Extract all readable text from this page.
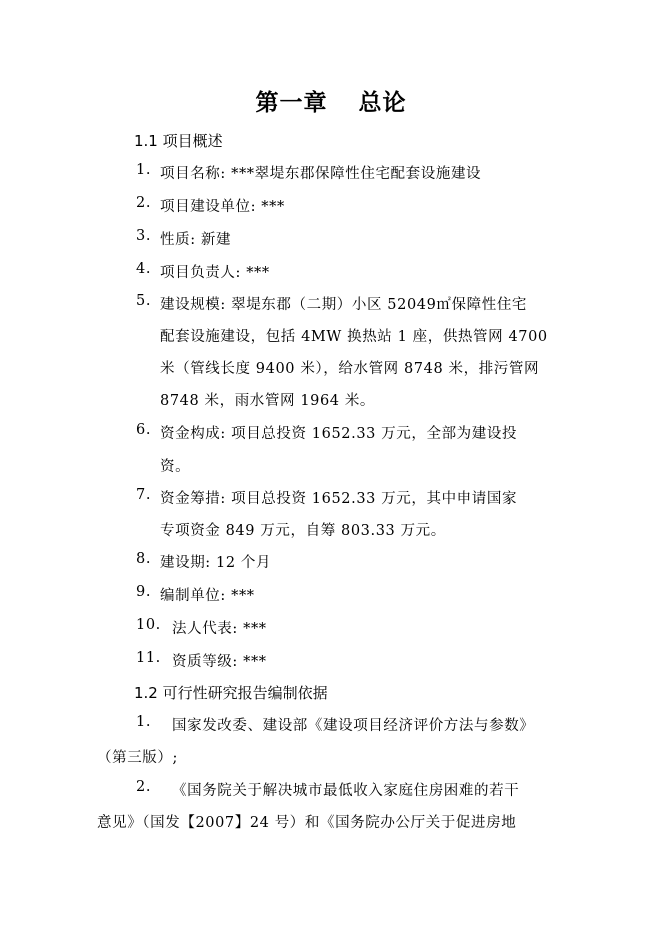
第一章 总论
1.1 项目概述
1. 项目名称: ***翠堤东郡保障性住宅配套设施建设
2. 项目建设单位: ***
3. 性质: 新建
4. 项目负责人: ***
5. 建设规模: 翠堤东郡（二期）小区 52049㎡保障性住宅
配套设施建设，包括 4MW 换热站 1 座，供热管网 4700
米（管线长度 9400 米），给水管网 8748 米，排污管网
8748 米，雨水管网 1964 米。
6. 资金构成: 项目总投资 1652.33 万元，全部为建设投
资。
7. 资金筹措: 项目总投资 1652.33 万元，其中申请国家
专项资金 849 万元，自筹 803.33 万元。
8. 建设期: 12 个月
9. 编制单位: ***
10. 法人代表: ***
11. 资质等级: ***
1.2 可行性研究报告编制依据
1. 国家发改委、建设部《建设项目经济评价方法与参数》
（第三版）;
2. 《国务院关于解决城市最低收入家庭住房困难的若干
意见》（国发【2007】24 号）和《国务院办公厅关于促进房地
